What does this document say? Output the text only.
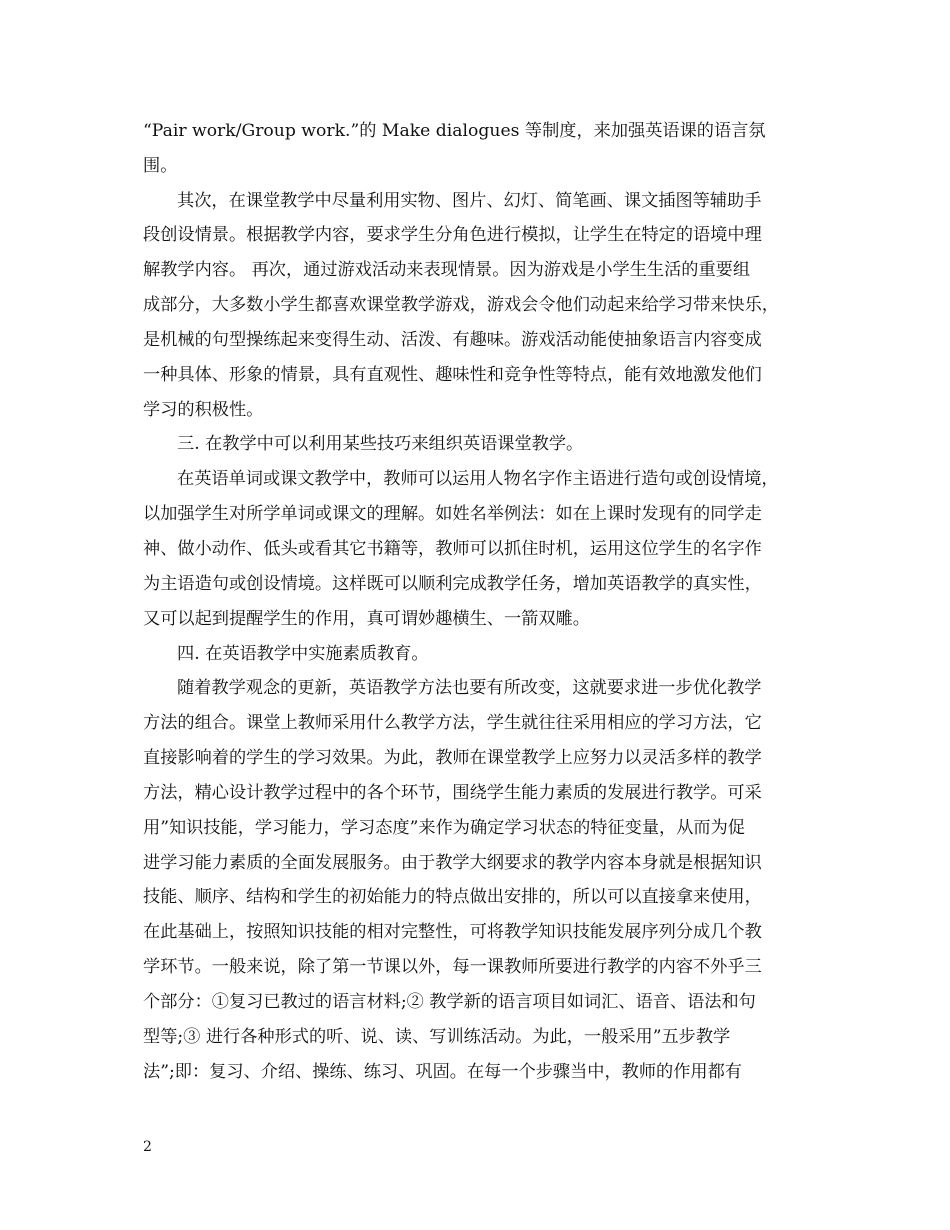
“Pair work/Group work.”的 Make dialogues 等制度，来加强英语课的语言氛
围。
其次，在课堂教学中尽量利用实物、图片、幻灯、简笔画、课文插图等辅助手
段创设情景。根据教学内容，要求学生分角色进行模拟，让学生在特定的语境中理
解教学内容。 再次，通过游戏活动来表现情景。因为游戏是小学生生活的重要组
成部分，大多数小学生都喜欢课堂教学游戏，游戏会令他们动起来给学习带来快乐，
是机械的句型操练起来变得生动、活泼、有趣味。游戏活动能使抽象语言内容变成
一种具体、形象的情景，具有直观性、趣味性和竞争性等特点，能有效地激发他们
学习的积极性。
三. 在教学中可以利用某些技巧来组织英语课堂教学。
在英语单词或课文教学中，教师可以运用人物名字作主语进行造句或创设情境，
以加强学生对所学单词或课文的理解。如姓名举例法：如在上课时发现有的同学走
神、做小动作、低头或看其它书籍等，教师可以抓住时机，运用这位学生的名字作
为主语造句或创设情境。这样既可以顺利完成教学任务，增加英语教学的真实性，
又可以起到提醒学生的作用，真可谓妙趣横生、一箭双雕。
四. 在英语教学中实施素质教育。
随着教学观念的更新，英语教学方法也要有所改变，这就要求进一步优化教学
方法的组合。课堂上教师采用什么教学方法，学生就往往采用相应的学习方法，它
直接影响着的学生的学习效果。为此，教师在课堂教学上应努力以灵活多样的教学
方法，精心设计教学过程中的各个环节，围绕学生能力素质的发展进行教学。可采
用”知识技能，学习能力，学习态度”来作为确定学习状态的特征变量，从而为促
进学习能力素质的全面发展服务。由于教学大纲要求的教学内容本身就是根据知识
技能、顺序、结构和学生的初始能力的特点做出安排的，所以可以直接拿来使用，
在此基础上，按照知识技能的相对完整性，可将教学知识技能发展序列分成几个教
学环节。一般来说，除了第一节课以外，每一课教师所要进行教学的内容不外乎三
个部分：①复习已教过的语言材料;② 教学新的语言项目如词汇、语音、语法和句
型等;③ 进行各种形式的听、说、读、写训练活动。为此，一般采用”五步教学
法”;即：复习、介绍、操练、练习、巩固。在每一个步骤当中，教师的作用都有
2
